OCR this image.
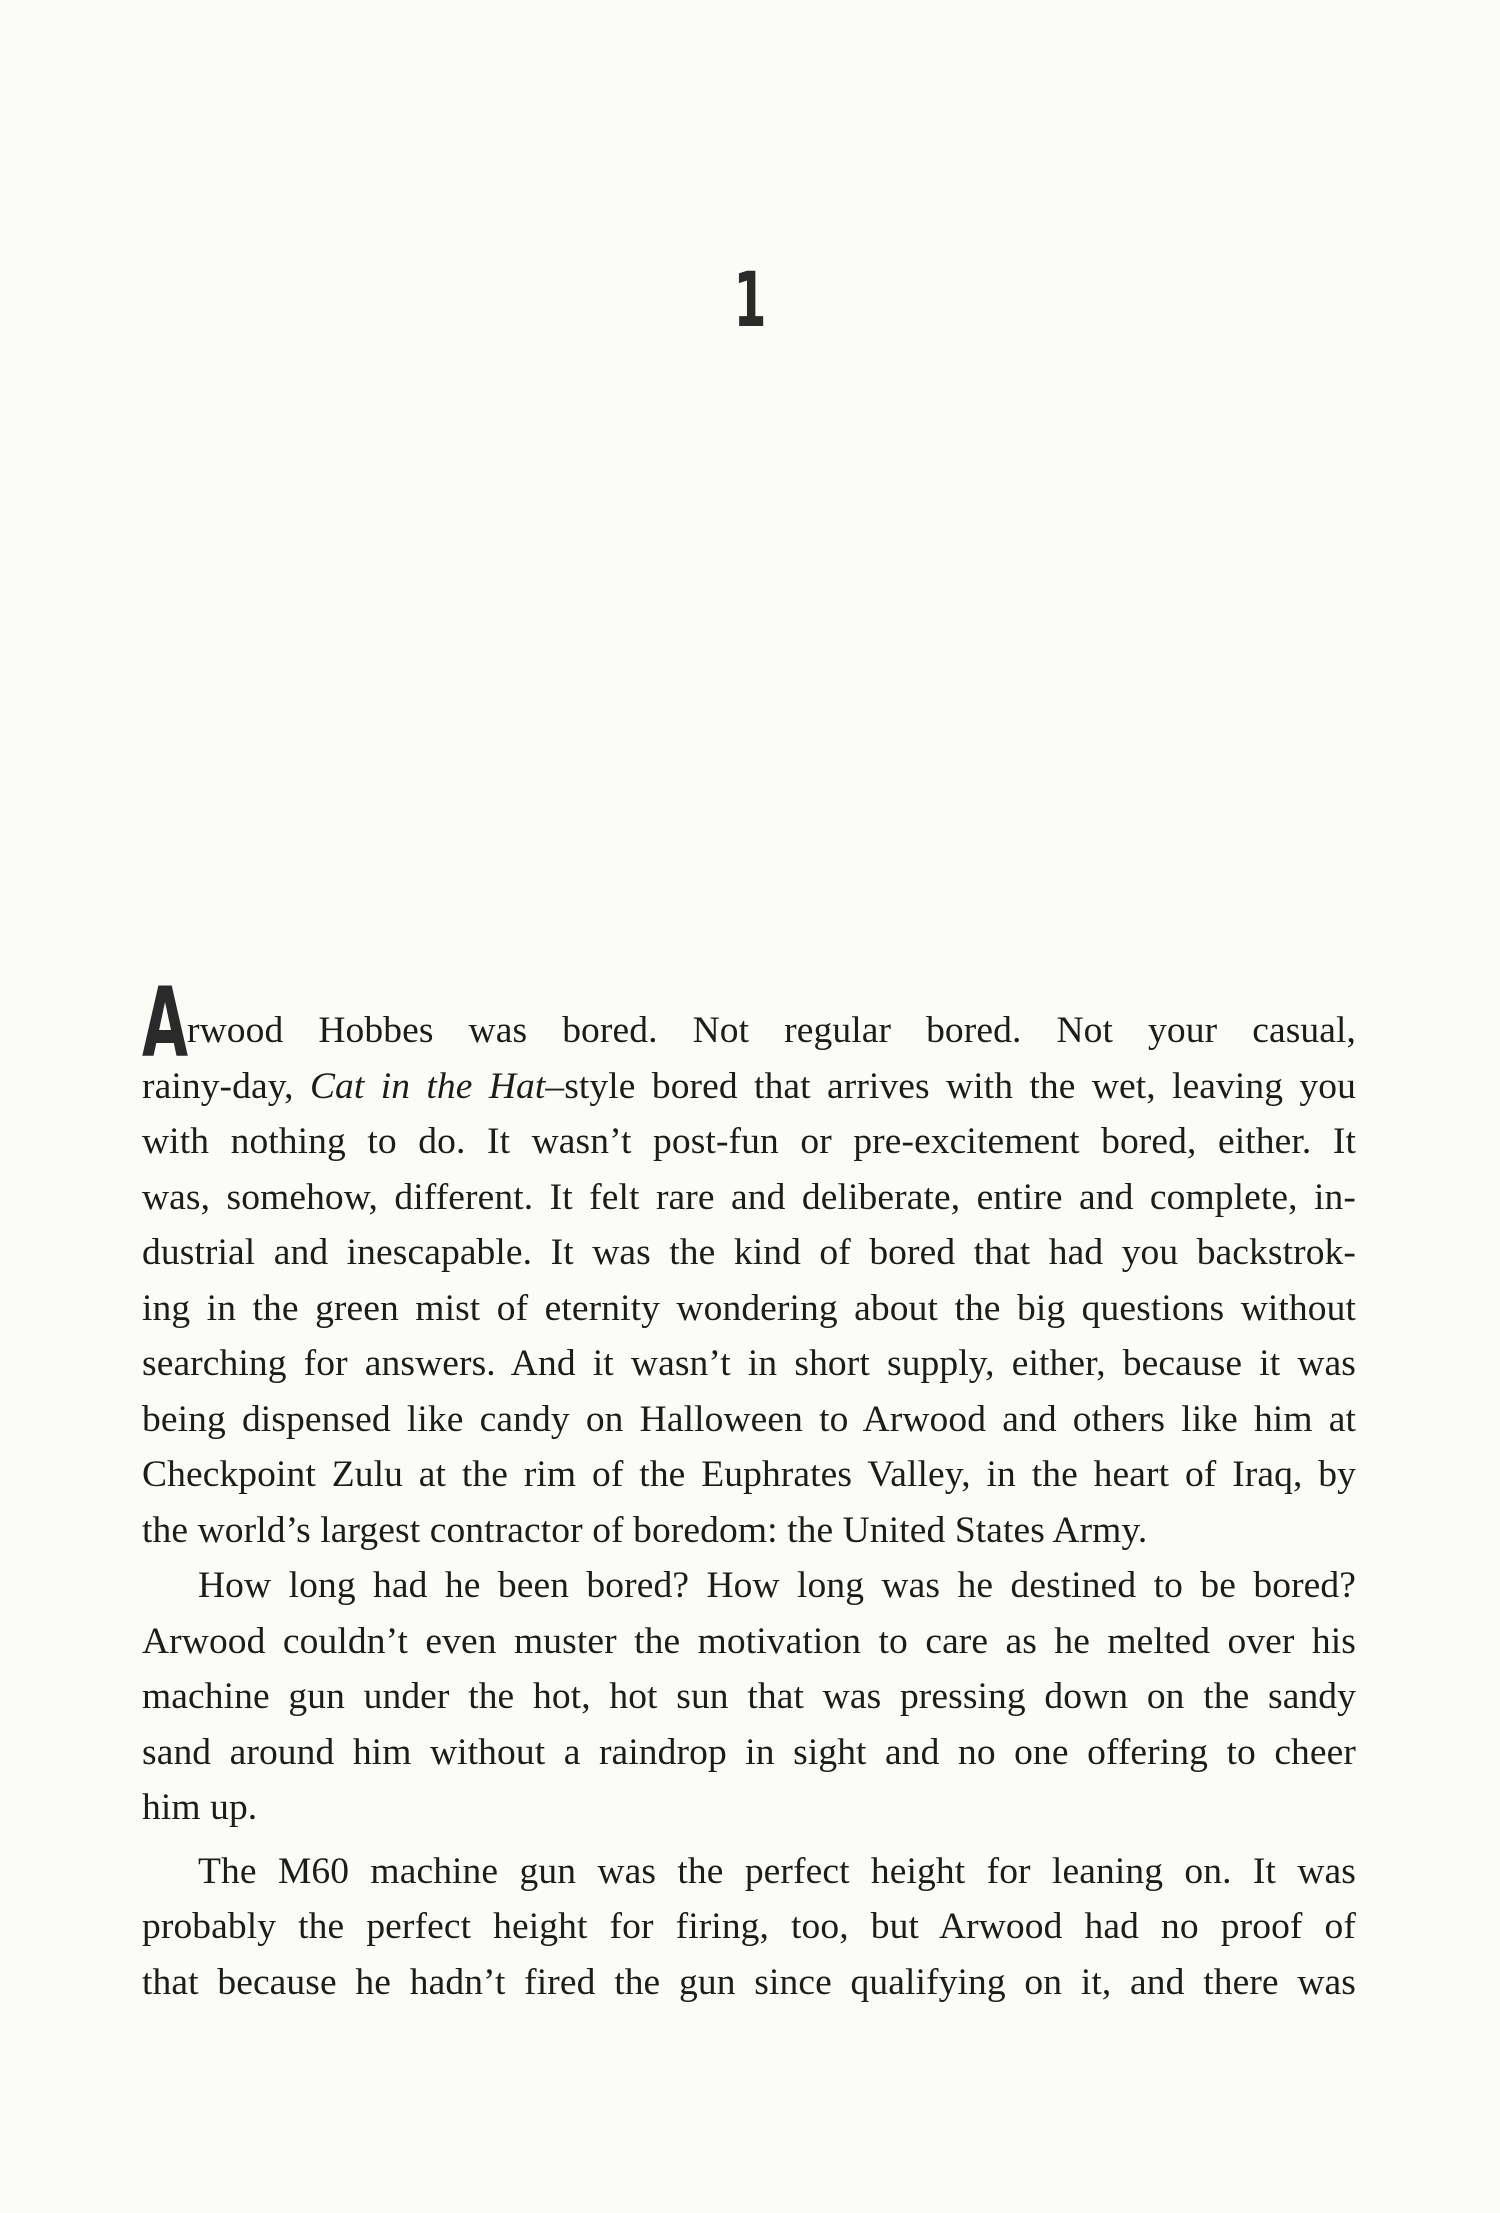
1
A
rwood Hobbes was bored. Not regular bored. Not your casual,
rainy-day, Cat in the Hat–style bored that arrives with the wet, leaving you
with nothing to do. It wasn’t post-fun or pre-excitement bored, either. It
was, somehow, different. It felt rare and deliberate, entire and complete, in-
dustrial and inescapable. It was the kind of bored that had you backstrok-
ing in the green mist of eternity wondering about the big questions without
searching for answers. And it wasn’t in short supply, either, because it was
being dispensed like candy on Halloween to Arwood and others like him at
Checkpoint Zulu at the rim of the Euphrates Valley, in the heart of Iraq, by
the world’s largest contractor of boredom: the United States Army.
How long had he been bored? How long was he destined to be bored?
Arwood couldn’t even muster the motivation to care as he melted over his
machine gun under the hot, hot sun that was pressing down on the sandy
sand around him without a raindrop in sight and no one offering to cheer
him up.
The M60 machine gun was the perfect height for leaning on. It was
probably the perfect height for firing, too, but Arwood had no proof of
that because he hadn’t fired the gun since qualifying on it, and there was
